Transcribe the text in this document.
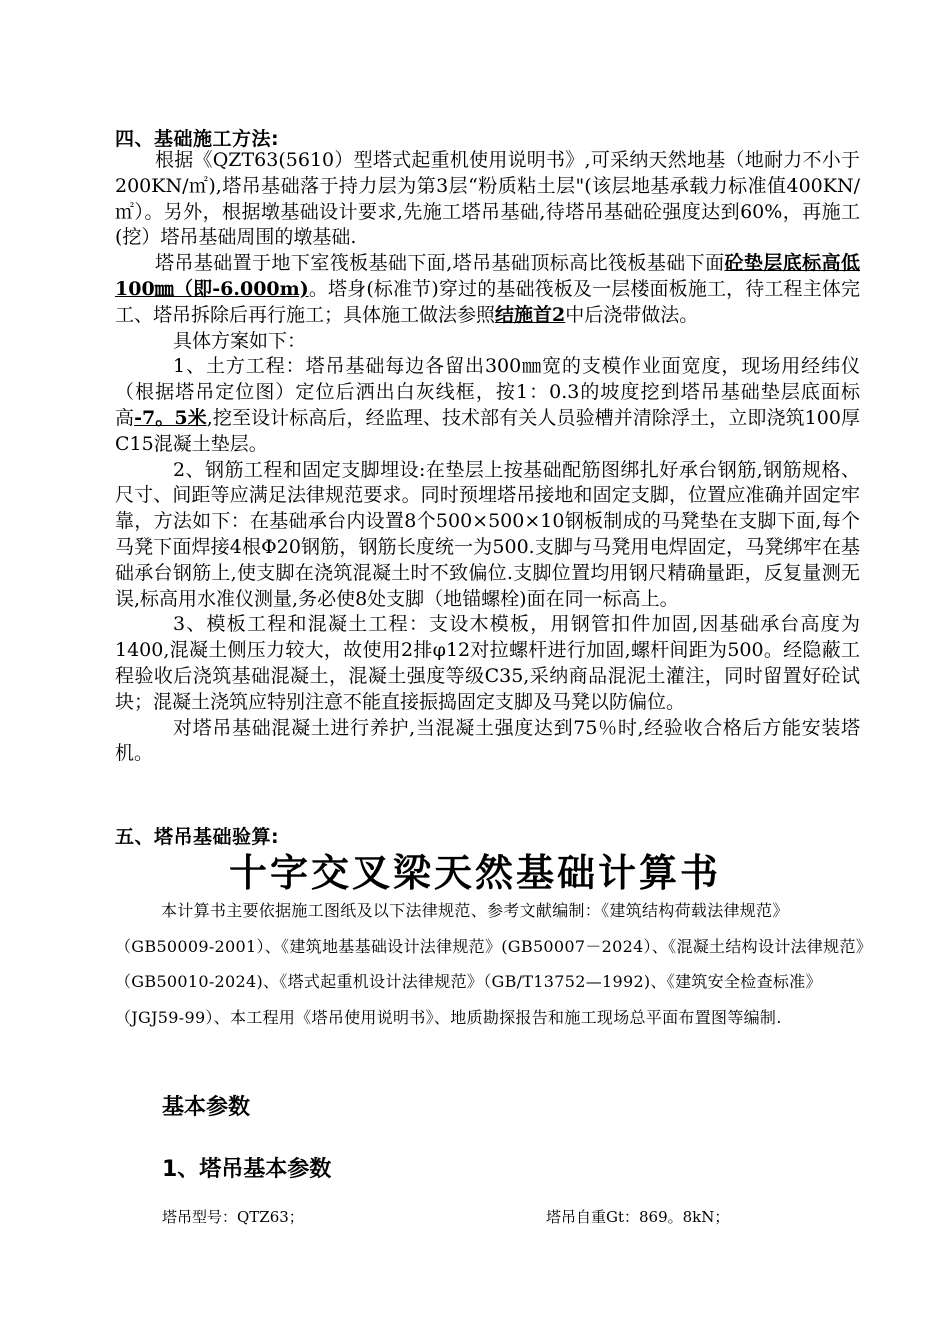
四、基础施工方法:

根据《QZT63(5610）型塔式起重机使用说明书》,可采纳天然地基（地耐力不小于200KN/㎡),塔吊基础落于持力层为第3层“粉质粘土层"(该层地基承载力标准值400KN/㎡）。另外，根据墩基础设计要求,先施工塔吊基础,待塔吊基础砼强度达到60%，再施工(挖）塔吊基础周围的墩基础.

塔吊基础置于地下室筏板基础下面,塔吊基础顶标高比筏板基础下面砼垫层底标高低100㎜（即-6.000m)。塔身(标准节)穿过的基础筏板及一层楼面板施工，待工程主体完工、塔吊拆除后再行施工；具体施工做法参照结施首2中后浇带做法。

具体方案如下：

1、土方工程：塔吊基础每边各留出300㎜宽的支模作业面宽度，现场用经纬仪（根据塔吊定位图）定位后洒出白灰线框，按1：0.3的坡度挖到塔吊基础垫层底面标高-7。5米,挖至设计标高后，经监理、技术部有关人员验槽并清除浮土，立即浇筑100厚C15混凝土垫层。

2、钢筋工程和固定支脚埋设:在垫层上按基础配筋图绑扎好承台钢筋,钢筋规格、尺寸、间距等应满足法律规范要求。同时预埋塔吊接地和固定支脚，位置应准确并固定牢靠，方法如下：在基础承台内设置8个500×500×10钢板制成的马凳垫在支脚下面,每个马凳下面焊接4根Φ20钢筋，钢筋长度统一为500.支脚与马凳用电焊固定，马凳绑牢在基础承台钢筋上,使支脚在浇筑混凝土时不致偏位.支脚位置均用钢尺精确量距，反复量测无误,标高用水准仪测量,务必使8处支脚（地锚螺栓)面在同一标高上。

3、模板工程和混凝土工程：支设木模板，用钢管扣件加固,因基础承台高度为1400,混凝土侧压力较大，故使用2排φ12对拉螺杆进行加固,螺杆间距为500。经隐蔽工程验收后浇筑基础混凝土，混凝土强度等级C35,采纳商品混泥土灌注，同时留置好砼试块；混凝土浇筑应特别注意不能直接振捣固定支脚及马凳以防偏位。

对塔吊基础混凝土进行养护,当混凝土强度达到75％时,经验收合格后方能安装塔机。

五、塔吊基础验算:
十字交叉梁天然基础计算书
本计算书主要依据施工图纸及以下法律规范、参考文献编制：《建筑结构荷载法律规范》（GB50009-2001）、《建筑地基基础设计法律规范》(GB50007－2024）、《混凝土结构设计法律规范》（GB50010-2024)、《塔式起重机设计法律规范》（GB/T13752—1992)、《建筑安全检查标准》（JGJ59-99）、本工程用《塔吊使用说明书》、地质勘探报告和施工现场总平面布置图等编制.
基本参数
1、塔吊基本参数
塔吊型号：QTZ63；	塔吊自重Gt：869。8kN；
